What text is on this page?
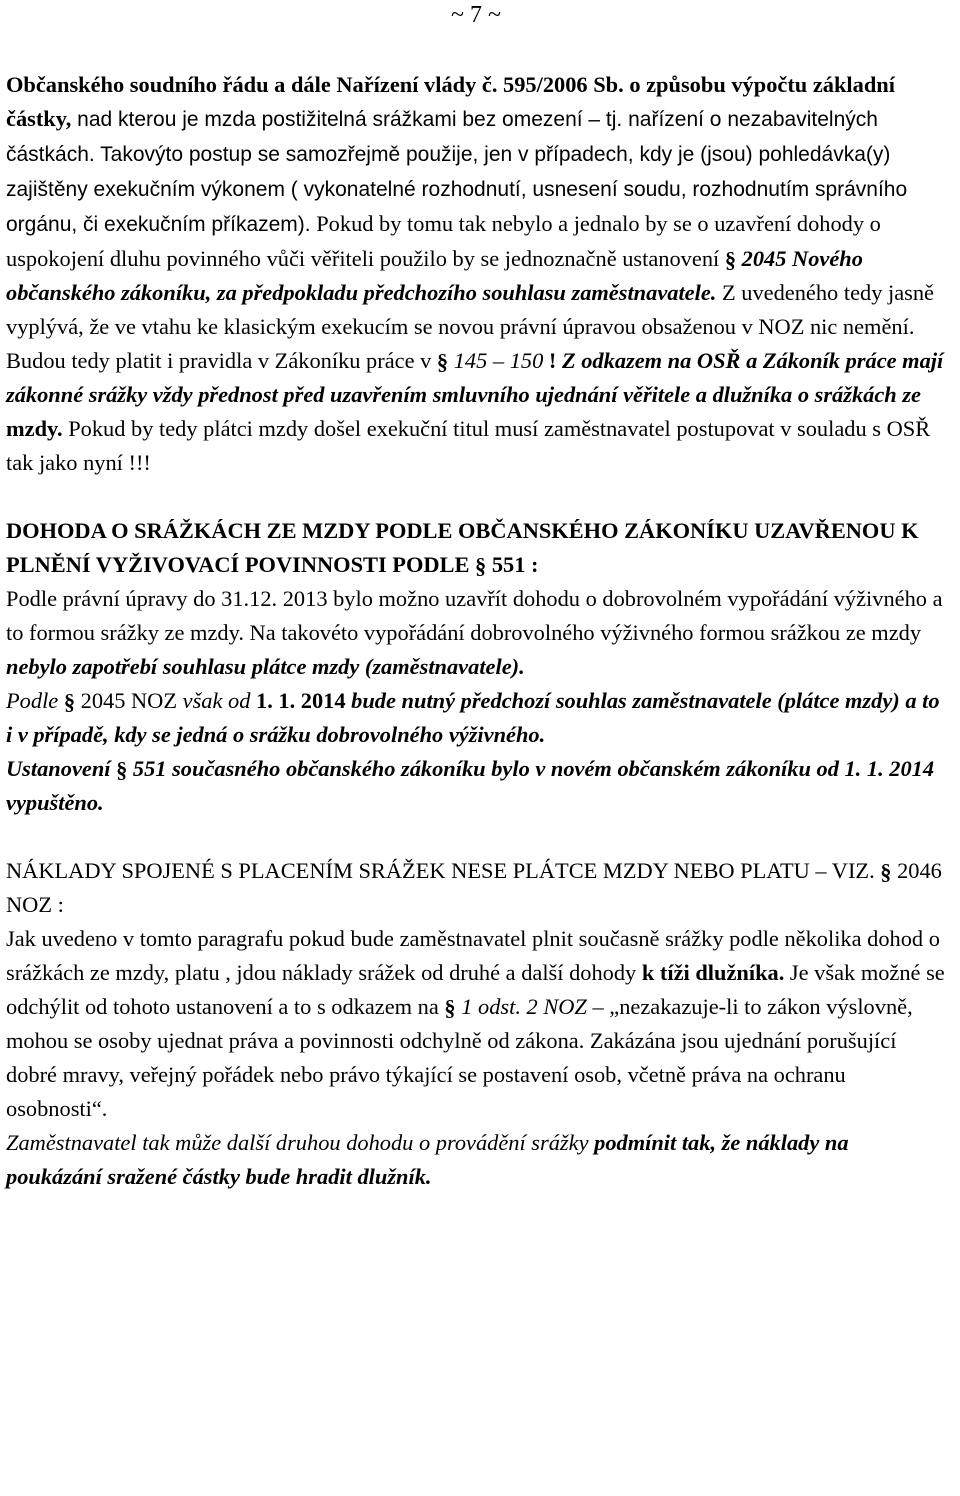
~ 7 ~

Občanského soudního řádu a dále Nařízení vlády č. 595/2006 Sb. o způsobu výpočtu základní částky, nad kterou je mzda postižitelná srážkami bez omezení – tj. nařízení o nezabavitelných částkách. Takovýto postup se samozřejmě použije, jen v případech, kdy je (jsou) pohledávka(y) zajištěny exekučním výkonem ( vykonatelné rozhodnutí, usnesení soudu, rozhodnutím správního orgánu, či exekučním příkazem). Pokud by tomu tak nebylo a jednalo by se o uzavření dohody o uspokojení dluhu povinného vůči věřiteli použilo by se jednoznačně ustanovení § 2045 Nového občanského zákoníku, za předpokladu předchozího souhlasu zaměstnavatele. Z uvedeného tedy jasně vyplývá, že ve vtahu ke klasickým exekucím se novou právní úpravou obsaženou v NOZ nic nemění. Budou tedy platit i pravidla v Zákoníku práce v § 145 – 150 ! Z odkazem na OSŘ a Zákoník práce mají zákonné srážky vždy přednost před uzavřením smluvního ujednání věřitele a dlužníka o srážkách ze mzdy. Pokud by tedy plátci mzdy došel exekuční titul musí zaměstnavatel postupovat v souladu s OSŘ tak jako nyní !!!

DOHODA O SRÁŽKÁCH ZE MZDY PODLE OBČANSKÉHO ZÁKONÍKU UZAVŘENOU K PLNĚNÍ VYŽIVOVACÍ POVINNOSTI PODLE § 551 :
Podle právní úpravy do 31.12. 2013 bylo možno uzavřít dohodu o dobrovolném vypořádání výživného a to formou srážky ze mzdy. Na takovéto vypořádání dobrovolného výživného formou srážkou ze mzdy nebylo zapotřebí souhlasu plátce mzdy (zaměstnavatele).
Podle § 2045 NOZ však od 1. 1. 2014 bude nutný předchozí souhlas zaměstnavatele (plátce mzdy) a to i v případě, kdy se jedná o srážku dobrovolného výživného.
Ustanovení § 551 současného občanského zákoníku bylo v novém občanském zákoníku od 1. 1. 2014 vypuštěno.

NÁKLADY SPOJENÉ S PLACENÍM SRÁŽEK NESE PLÁTCE MZDY NEBO PLATU – VIZ. § 2046 NOZ :
Jak uvedeno v tomto paragrafu pokud bude zaměstnavatel plnit současně srážky podle několika dohod o srážkách ze mzdy, platu , jdou náklady srážek od druhé a další dohody k tíži dlužníka. Je však možné se odchýlit od tohoto ustanovení a to s odkazem na § 1 odst. 2 NOZ – „nezakazuje-li to zákon výslovně, mohou se osoby ujednat práva a povinnosti odchylně od zákona. Zakázána jsou ujednání porušující dobré mravy, veřejný pořádek nebo právo týkající se postavení osob, včetně práva na ochranu osobnosti“.
Zaměstnavatel tak může další druhou dohodu o provádění srážky podmínit tak, že náklady na poukázání sražené částky bude hradit dlužník.
